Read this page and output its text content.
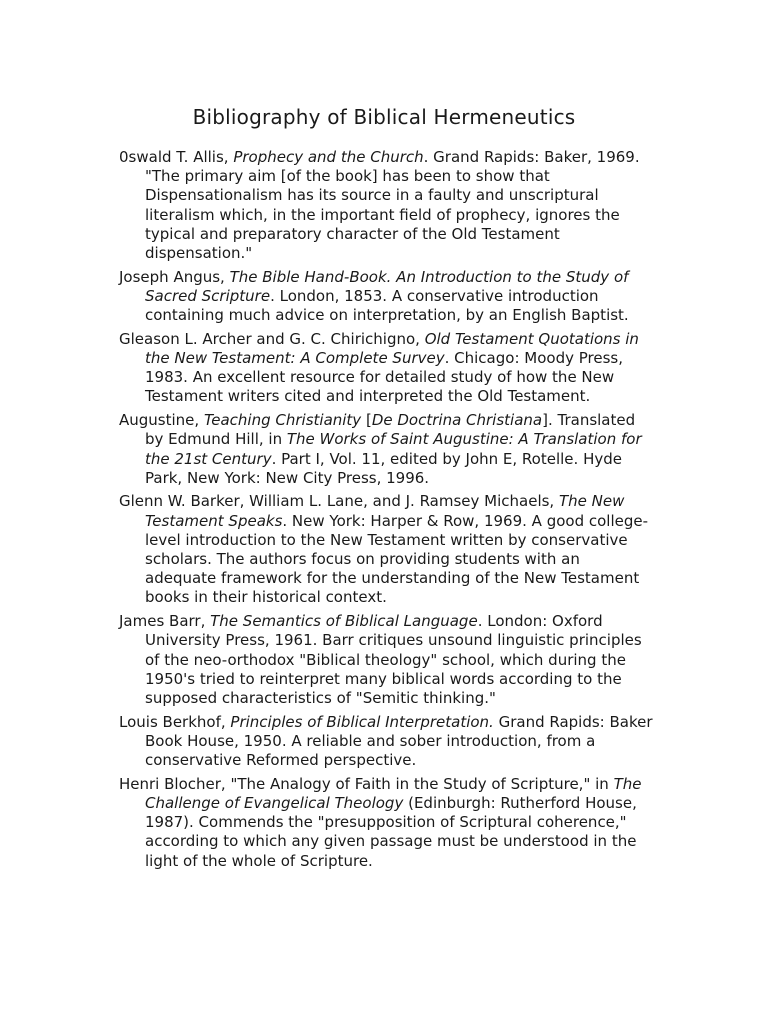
Bibliography of Biblical Hermeneutics

0swald T. Allis, Prophecy and the Church. Grand Rapids: Baker, 1969. "The primary aim [of the book] has been to show that Dispensationalism has its source in a faulty and unscriptural literalism which, in the important field of prophecy, ignores the typical and preparatory character of the Old Testament dispensation."

Joseph Angus, The Bible Hand-Book. An Introduction to the Study of Sacred Scripture. London, 1853. A conservative introduction containing much advice on interpretation, by an English Baptist.

Gleason L. Archer and G. C. Chirichigno, Old Testament Quotations in the New Testament: A Complete Survey. Chicago: Moody Press, 1983. An excellent resource for detailed study of how the New Testament writers cited and interpreted the Old Testament.

Augustine, Teaching Christianity [De Doctrina Christiana]. Translated by Edmund Hill, in The Works of Saint Augustine: A Translation for the 21st Century. Part I, Vol. 11, edited by John E, Rotelle. Hyde Park, New York: New City Press, 1996.

Glenn W. Barker, William L. Lane, and J. Ramsey Michaels, The New Testament Speaks. New York: Harper & Row, 1969. A good college-level introduction to the New Testament written by conservative scholars. The authors focus on providing students with an adequate framework for the understanding of the New Testament books in their historical context.

James Barr, The Semantics of Biblical Language. London: Oxford University Press, 1961. Barr critiques unsound linguistic principles of the neo-orthodox "Biblical theology" school, which during the 1950's tried to reinterpret many biblical words according to the supposed characteristics of "Semitic thinking."

Louis Berkhof, Principles of Biblical Interpretation. Grand Rapids: Baker Book House, 1950. A reliable and sober introduction, from a conservative Reformed perspective.

Henri Blocher, "The Analogy of Faith in the Study of Scripture," in The Challenge of Evangelical Theology (Edinburgh: Rutherford House, 1987). Commends the "presupposition of Scriptural coherence," according to which any given passage must be understood in the light of the whole of Scripture.
